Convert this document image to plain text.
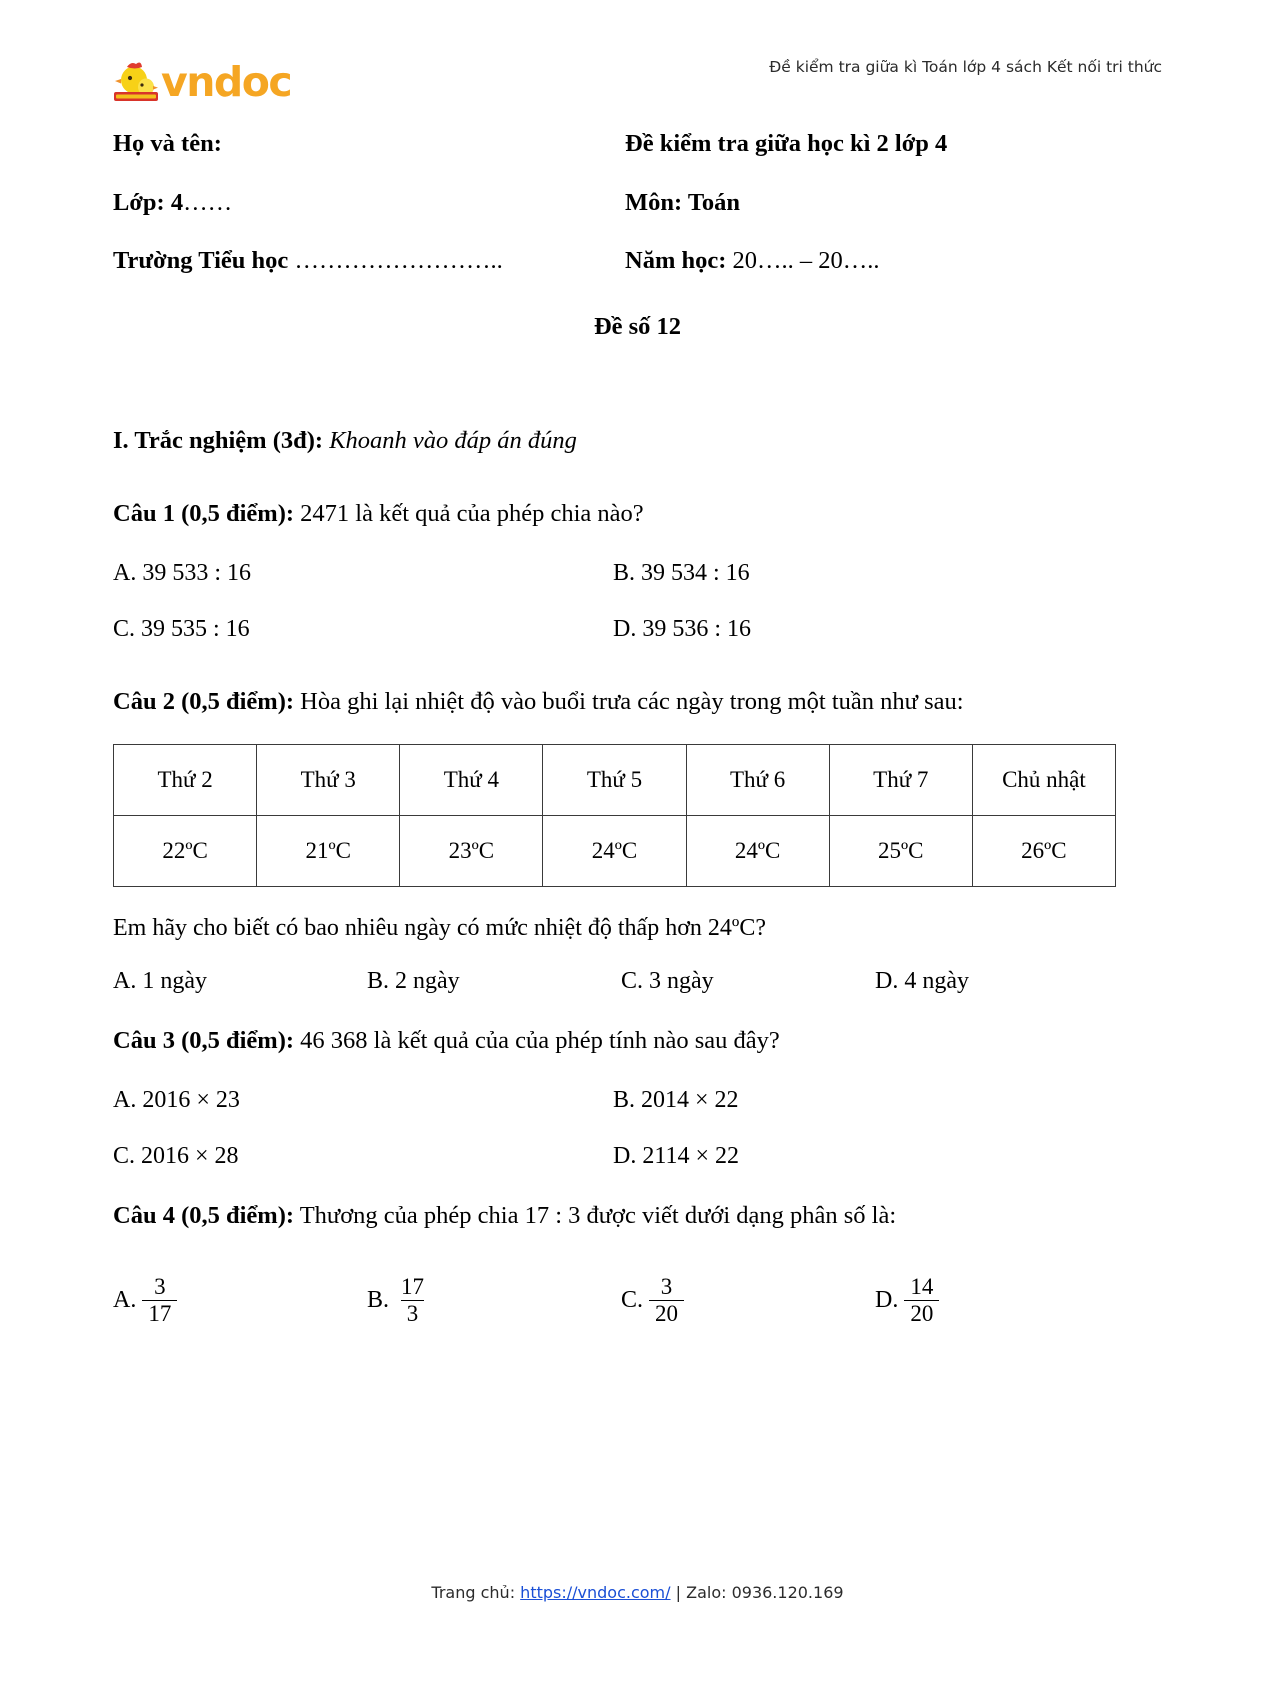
vndoc	Đề kiểm tra giữa kì Toán lớp 4 sách Kết nối tri thức
Họ và tên:	Đề kiểm tra giữa học kì 2 lớp 4
Lớp: 4……	Môn: Toán
Trường Tiểu học ……………………..	Năm học: 20….. – 20…..
Đề số 12
I. Trắc nghiệm (3đ): Khoanh vào đáp án đúng
Câu 1 (0,5 điểm): 2471 là kết quả của phép chia nào?
A. 39 533 : 16	B. 39 534 : 16
C. 39 535 : 16	D. 39 536 : 16
Câu 2 (0,5 điểm): Hòa ghi lại nhiệt độ vào buổi trưa các ngày trong một tuần như sau:
Thứ 2	Thứ 3	Thứ 4	Thứ 5	Thứ 6	Thứ 7	Chủ nhật
22ºC	21ºC	23ºC	24ºC	24ºC	25ºC	26ºC
Em hãy cho biết có bao nhiêu ngày có mức nhiệt độ thấp hơn 24ºC?
A. 1 ngày	B. 2 ngày	C. 3 ngày	D. 4 ngày
Câu 3 (0,5 điểm): 46 368 là kết quả của của phép tính nào sau đây?
A. 2016 × 23	B. 2014 × 22
C. 2016 × 28	D. 2114 × 22
Câu 4 (0,5 điểm): Thương của phép chia 17 : 3 được viết dưới dạng phân số là:
A. $\frac{3}{17}$	B. $\frac{17}{3}$	C. $\frac{3}{20}$	D. $\frac{14}{20}$
Trang chủ: https://vndoc.com/ | Zalo: 0936.120.169
